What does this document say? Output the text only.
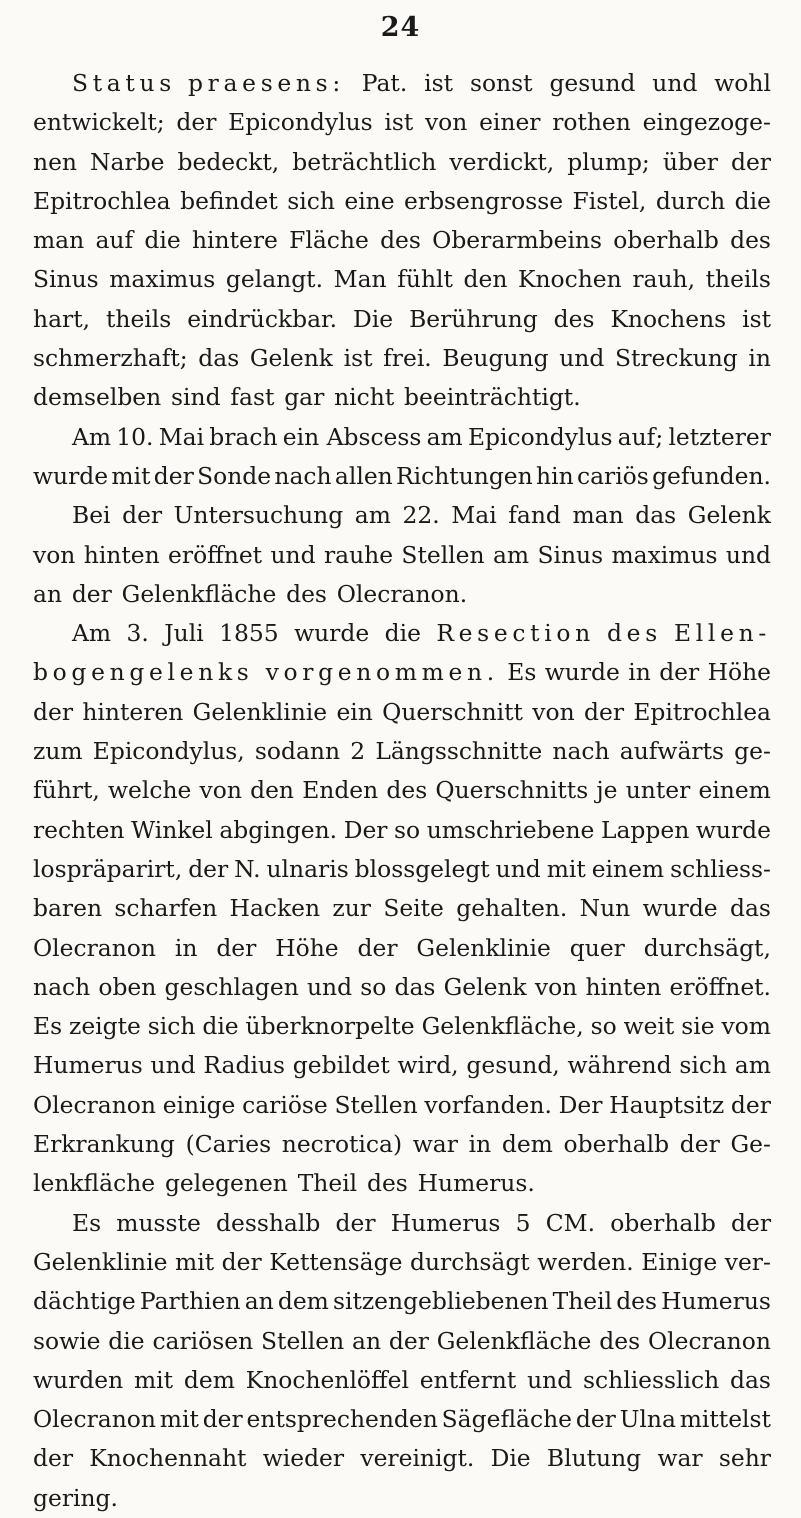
24
Status praesens: Pat. ist sonst gesund und wohl
entwickelt; der Epicondylus ist von einer rothen eingezoge-
nen Narbe bedeckt, beträchtlich verdickt, plump; über der
Epitrochlea befindet sich eine erbsengrosse Fistel, durch die
man auf die hintere Fläche des Oberarmbeins oberhalb des
Sinus maximus gelangt. Man fühlt den Knochen rauh, theils
hart, theils eindrückbar. Die Berührung des Knochens ist
schmerzhaft; das Gelenk ist frei. Beugung und Streckung in
demselben sind fast gar nicht beeinträchtigt.
Am 10. Mai brach ein Abscess am Epicondylus auf; letzterer
wurde mit der Sonde nach allen Richtungen hin cariös gefunden.
Bei der Untersuchung am 22. Mai fand man das Gelenk
von hinten eröffnet und rauhe Stellen am Sinus maximus und
an der Gelenkfläche des Olecranon.
Am 3. Juli 1855 wurde die Resection des Ellen-
bogengelenks vorgenommen. Es wurde in der Höhe
der hinteren Gelenklinie ein Querschnitt von der Epitrochlea
zum Epicondylus, sodann 2 Längsschnitte nach aufwärts ge-
führt, welche von den Enden des Querschnitts je unter einem
rechten Winkel abgingen. Der so umschriebene Lappen wurde
lospräparirt, der N. ulnaris blossgelegt und mit einem schliess-
baren scharfen Hacken zur Seite gehalten. Nun wurde das
Olecranon in der Höhe der Gelenklinie quer durchsägt,
nach oben geschlagen und so das Gelenk von hinten eröffnet.
Es zeigte sich die überknorpelte Gelenkfläche, so weit sie vom
Humerus und Radius gebildet wird, gesund, während sich am
Olecranon einige cariöse Stellen vorfanden. Der Hauptsitz der
Erkrankung (Caries necrotica) war in dem oberhalb der Ge-
lenkfläche gelegenen Theil des Humerus.
Es musste desshalb der Humerus 5 CM. oberhalb der
Gelenklinie mit der Kettensäge durchsägt werden. Einige ver-
dächtige Parthien an dem sitzengebliebenen Theil des Humerus
sowie die cariösen Stellen an der Gelenkfläche des Olecranon
wurden mit dem Knochenlöffel entfernt und schliesslich das
Olecranon mit der entsprechenden Sägefläche der Ulna mittelst
der Knochennaht wieder vereinigt. Die Blutung war sehr
gering.
